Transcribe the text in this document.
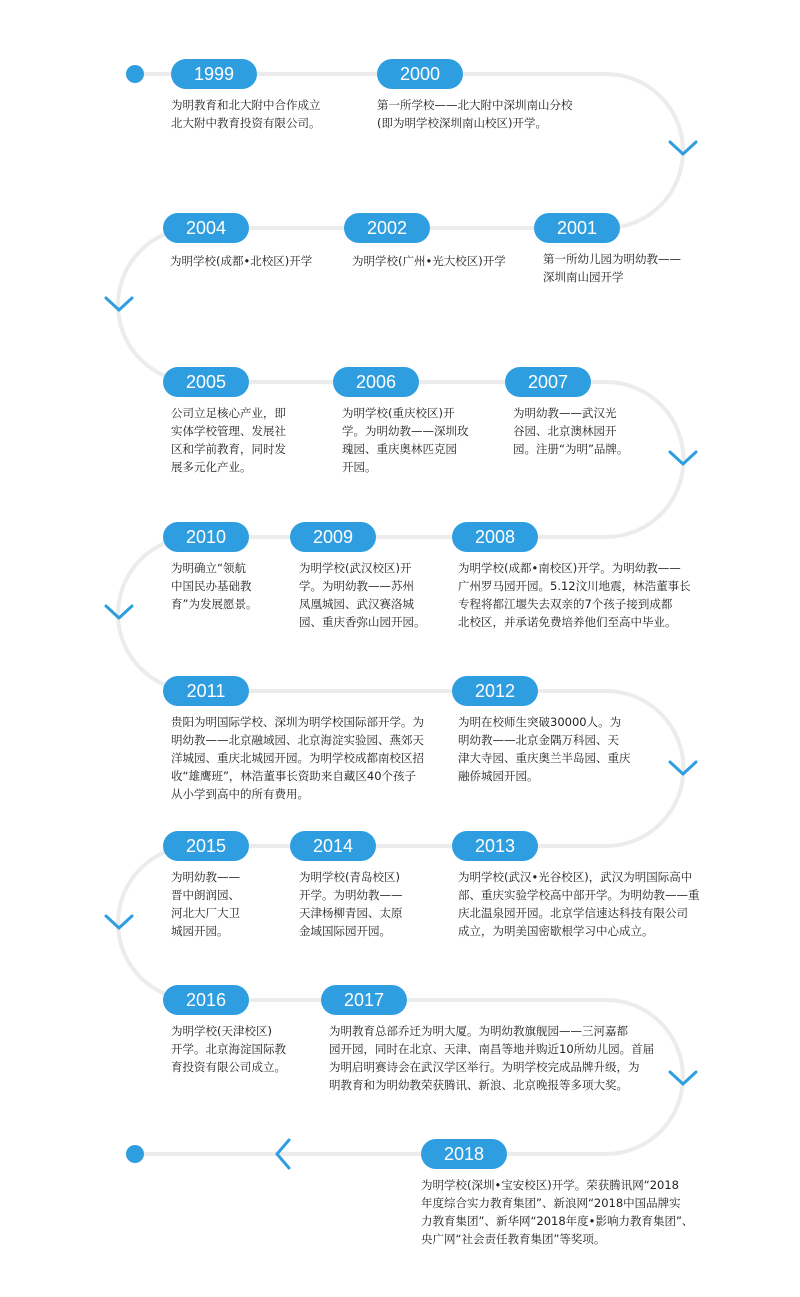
1999
为明教育和北大附中合作成立
北大附中教育投资有限公司。
2000
第一所学校——北大附中深圳南山分校
(即为明学校深圳南山校区)开学。
2001
第一所幼儿园为明幼教——
深圳南山园开学
2002
为明学校(广州•光大校区)开学
2004
为明学校(成都•北校区)开学
2005
公司立足核心产业，即
实体学校管理、发展社
区和学前教育，同时发
展多元化产业。
2006
为明学校(重庆校区)开
学。为明幼教——深圳玫
瑰园、重庆奥林匹克园
开园。
2007
为明幼教——武汉光
谷园、北京澳林园开
园。注册“为明”品牌。
2008
为明学校(成都•南校区)开学。为明幼教——
广州罗马园开园。5.12汶川地震，林浩董事长
专程将都江堰失去双亲的7个孩子接到成都
北校区，并承诺免费培养他们至高中毕业。
2009
为明学校(武汉校区)开
学。为明幼教——苏州
凤凰城园、武汉赛洛城
园、重庆香弥山园开园。
2010
为明确立“领航
中国民办基础教
育”为发展愿景。
2011
贵阳为明国际学校、深圳为明学校国际部开学。为
明幼教——北京融域园、北京海淀实验园、燕郊天
洋城园、重庆北城园开园。为明学校成都南校区招
收“雄鹰班”，林浩董事长资助来自藏区40个孩子
从小学到高中的所有费用。
2012
为明在校师生突破30000人。为
明幼教——北京金隅万科园、天
津大寺园、重庆奥兰半岛园、重庆
融侨城园开园。
2013
为明学校(武汉•光谷校区)，武汉为明国际高中
部、重庆实验学校高中部开学。为明幼教——重
庆北温泉园开园。北京学信速达科技有限公司
成立，为明美国密歇根学习中心成立。
2014
为明学校(青岛校区)
开学。为明幼教——
天津杨柳青园、太原
金域国际园开园。
2015
为明幼教——
晋中朗润园、
河北大厂大卫
城园开园。
2016
为明学校(天津校区)
开学。北京海淀国际教
育投资有限公司成立。
2017
为明教育总部乔迁为明大厦。为明幼教旗舰园——三河嘉都
园开园，同时在北京、天津、南昌等地并购近10所幼儿园。首届
为明启明赛诗会在武汉学区举行。为明学校完成品牌升级，为
明教育和为明幼教荣获腾讯、新浪、北京晚报等多项大奖。
2018
为明学校(深圳•宝安校区)开学。荣获腾讯网“2018
年度综合实力教育集团”、新浪网“2018中国品牌实
力教育集团”、新华网“2018年度•影响力教育集团”、
央广网“社会责任教育集团”等奖项。
